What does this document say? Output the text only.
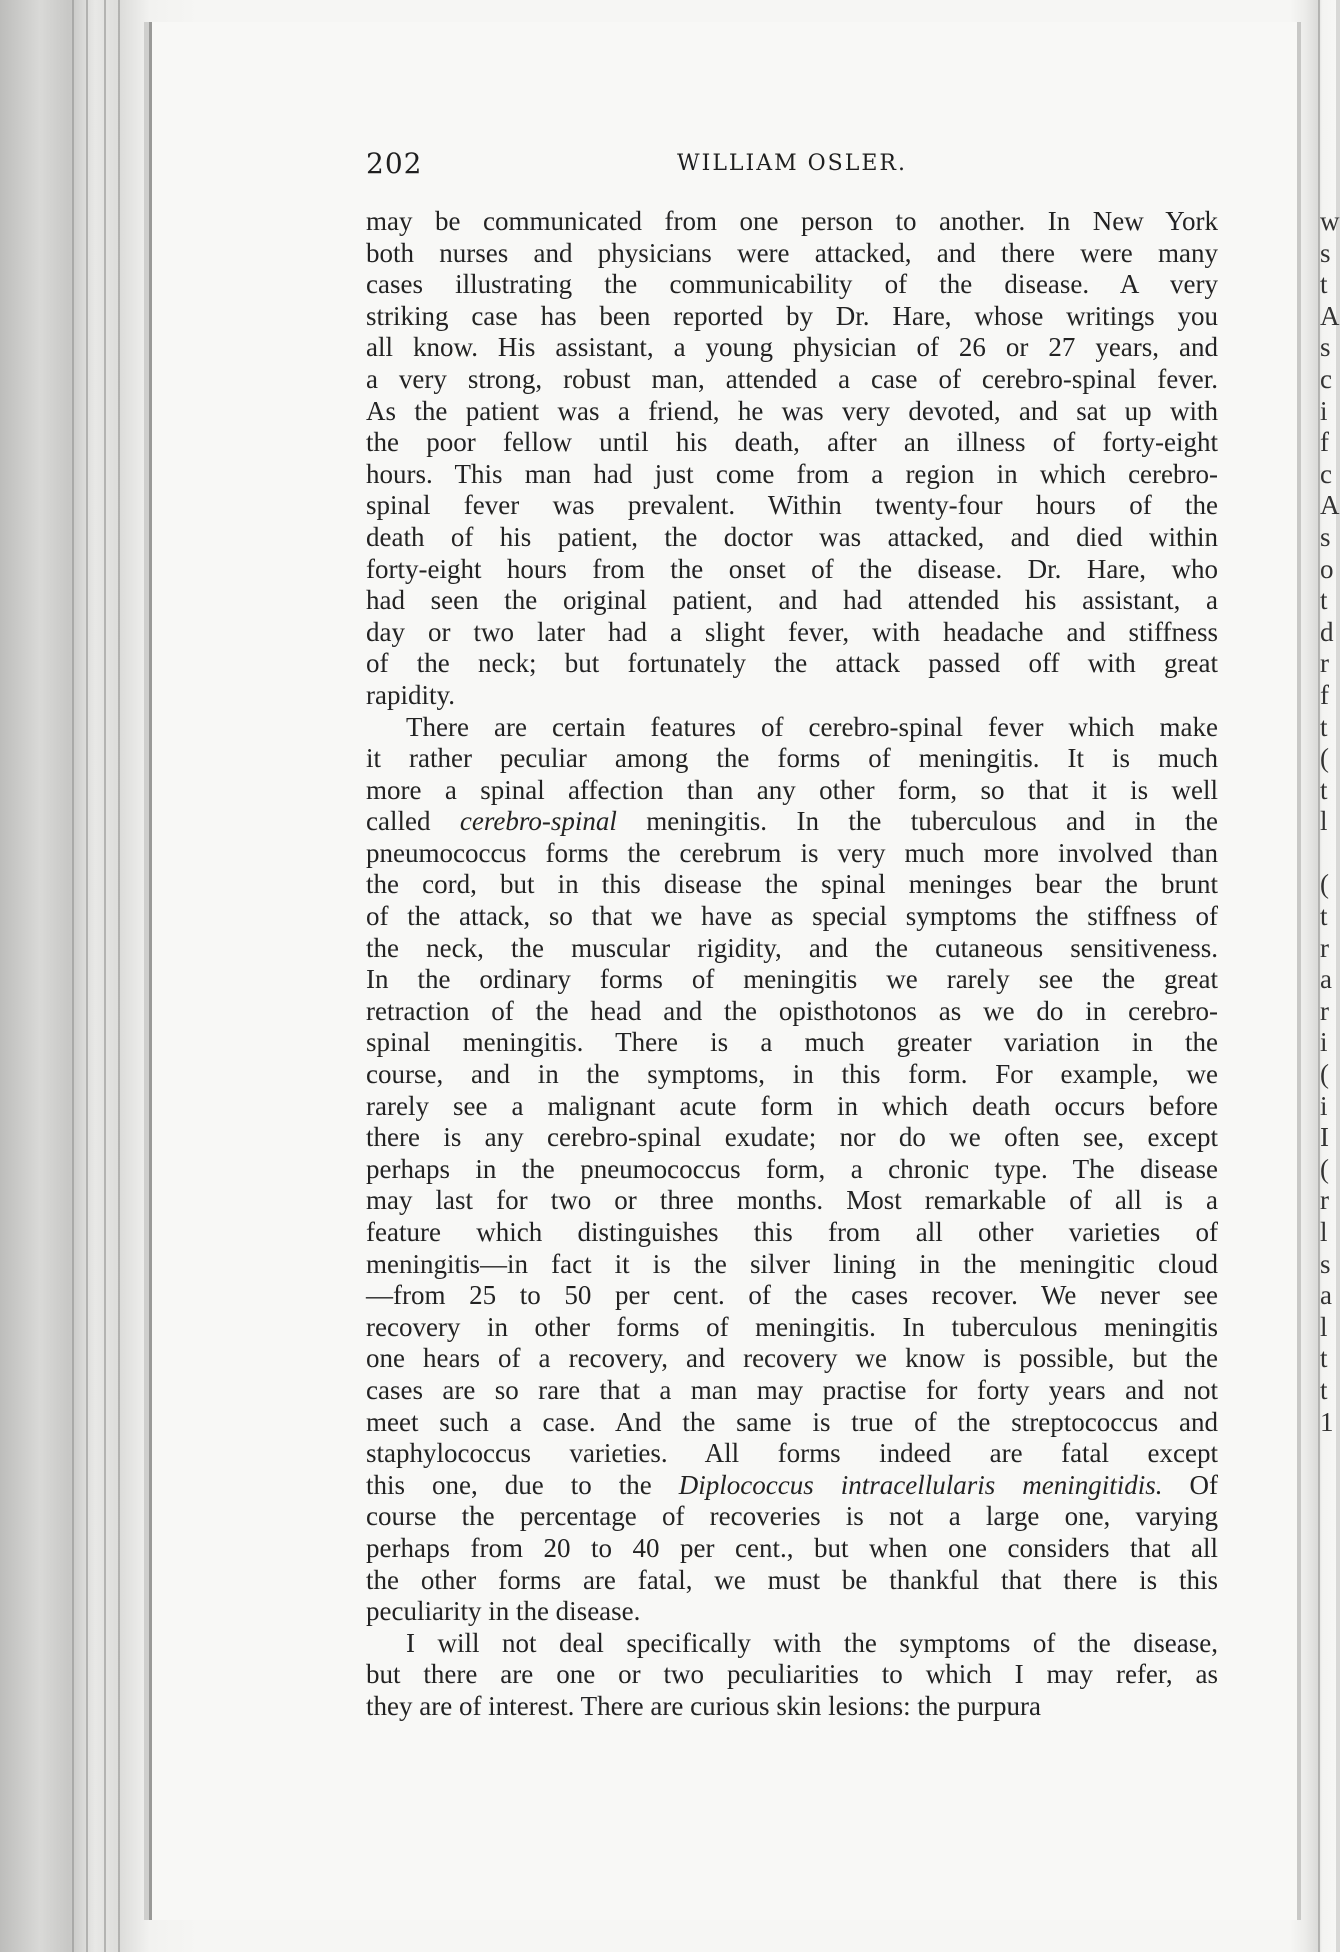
202	WILLIAM OSLER.
may be communicated from one person to another. In New York
both nurses and physicians were attacked, and there were many
cases illustrating the communicability of the disease. A very
striking case has been reported by Dr. Hare, whose writings you
all know. His assistant, a young physician of 26 or 27 years, and
a very strong, robust man, attended a case of cerebro-spinal fever.
As the patient was a friend, he was very devoted, and sat up with
the poor fellow until his death, after an illness of forty-eight
hours. This man had just come from a region in which cerebro-
spinal fever was prevalent. Within twenty-four hours of the
death of his patient, the doctor was attacked, and died within
forty-eight hours from the onset of the disease. Dr. Hare, who
had seen the original patient, and had attended his assistant, a
day or two later had a slight fever, with headache and stiffness
of the neck; but fortunately the attack passed off with great
rapidity.
There are certain features of cerebro-spinal fever which make
it rather peculiar among the forms of meningitis. It is much
more a spinal affection than any other form, so that it is well
called cerebro-spinal meningitis. In the tuberculous and in the
pneumococcus forms the cerebrum is very much more involved than
the cord, but in this disease the spinal meninges bear the brunt
of the attack, so that we have as special symptoms the stiffness of
the neck, the muscular rigidity, and the cutaneous sensitiveness.
In the ordinary forms of meningitis we rarely see the great
retraction of the head and the opisthotonos as we do in cerebro-
spinal meningitis. There is a much greater variation in the
course, and in the symptoms, in this form. For example, we
rarely see a malignant acute form in which death occurs before
there is any cerebro-spinal exudate; nor do we often see, except
perhaps in the pneumococcus form, a chronic type. The disease
may last for two or three months. Most remarkable of all is a
feature which distinguishes this from all other varieties of
meningitis—in fact it is the silver lining in the meningitic cloud
—from 25 to 50 per cent. of the cases recover. We never see
recovery in other forms of meningitis. In tuberculous meningitis
one hears of a recovery, and recovery we know is possible, but the
cases are so rare that a man may practise for forty years and not
meet such a case. And the same is true of the streptococcus and
staphylococcus varieties. All forms indeed are fatal except
this one, due to the Diplococcus intracellularis meningitidis. Of
course the percentage of recoveries is not a large one, varying
perhaps from 20 to 40 per cent., but when one considers that all
the other forms are fatal, we must be thankful that there is this
peculiarity in the disease.
I will not deal specifically with the symptoms of the disease,
but there are one or two peculiarities to which I may refer, as
they are of interest. There are curious skin lesions: the purpura
w
s
t
A
s
c
i
f
c
A
s
o
t
d
r
f
t
(
t
l
(
t
r
a
r
i
(
i
I
(
r
l
s
a
l
t
t
1
